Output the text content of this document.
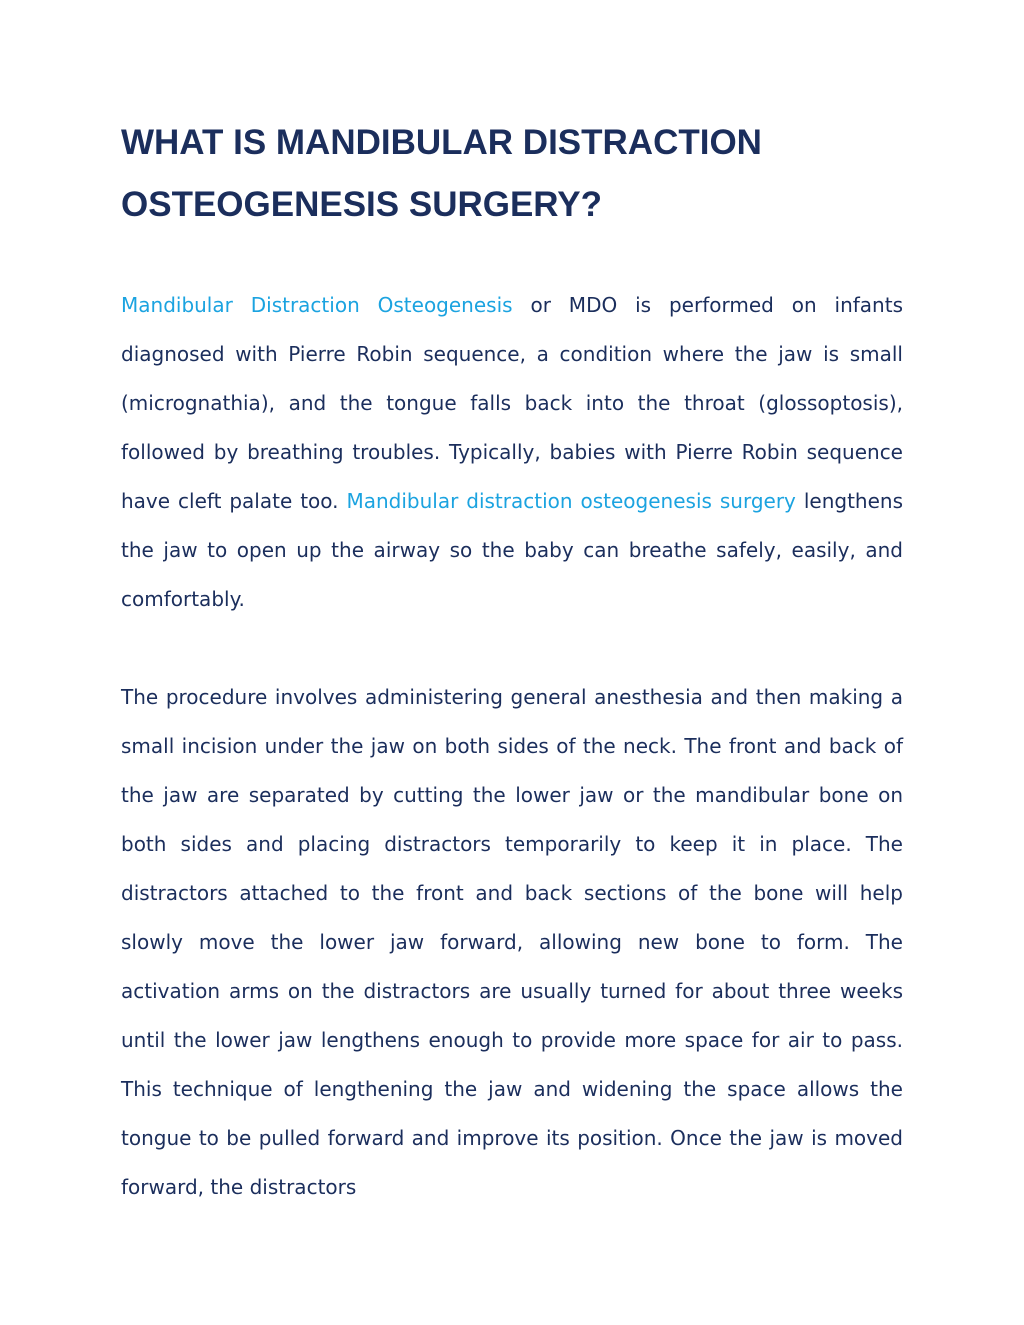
WHAT IS MANDIBULAR DISTRACTION OSTEOGENESIS SURGERY?

Mandibular Distraction Osteogenesis or MDO is performed on infants diagnosed with Pierre Robin sequence, a condition where the jaw is small (micrognathia), and the tongue falls back into the throat (glossoptosis), followed by breathing troubles. Typically, babies with Pierre Robin sequence have cleft palate too. Mandibular distraction osteogenesis surgery lengthens the jaw to open up the airway so the baby can breathe safely, easily, and comfortably.

The procedure involves administering general anesthesia and then making a small incision under the jaw on both sides of the neck. The front and back of the jaw are separated by cutting the lower jaw or the mandibular bone on both sides and placing distractors temporarily to keep it in place. The distractors attached to the front and back sections of the bone will help slowly move the lower jaw forward, allowing new bone to form. The activation arms on the distractors are usually turned for about three weeks until the lower jaw lengthens enough to provide more space for air to pass. This technique of lengthening the jaw and widening the space allows the tongue to be pulled forward and improve its position. Once the jaw is moved forward, the distractors
